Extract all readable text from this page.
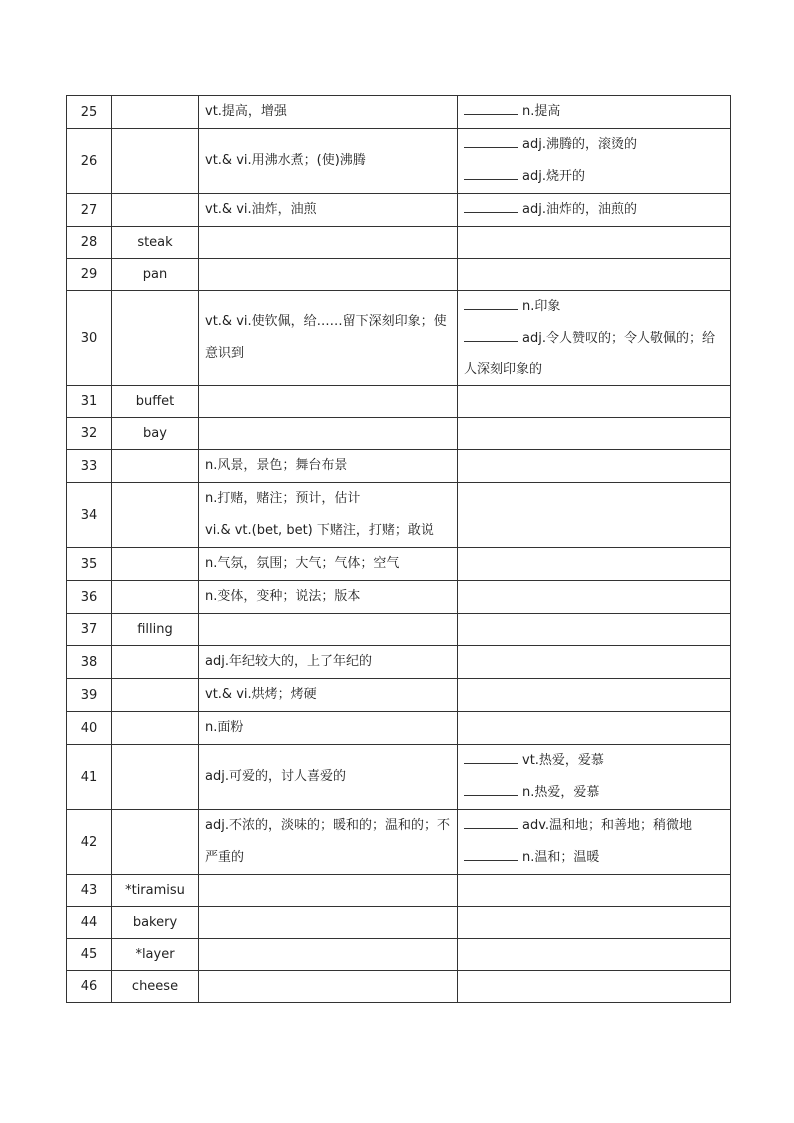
25		vt.提高，增强	n.提高

26		vt.& vi.用沸水煮；(使)沸腾	adj.沸腾的，滚烫的
adj.烧开的

27		vt.& vi.油炸，油煎	adj.油炸的，油煎的

28	steak	

29	pan	

30		vt.& vi.使钦佩，给……留下深刻印象；使意识到	n.印象
adj.令人赞叹的；令人敬佩的；给人深刻印象的

31	buffet	

32	bay	

33		n.风景，景色；舞台布景	

34		n.打赌，赌注；预计，估计
vi.& vt.(bet, bet) 下赌注，打赌；敢说	

35		n.气氛，氛围；大气；气体；空气	

36		n.变体，变种；说法；版本	

37	filling	

38		adj.年纪较大的，上了年纪的	

39		vt.& vi.烘烤；烤硬	

40		n.面粉	

41		adj.可爱的，讨人喜爱的	vt.热爱，爱慕
n.热爱，爱慕

42		adj.不浓的，淡味的；暖和的；温和的；不严重的	adv.温和地；和善地；稍微地
n.温和；温暖

43	*tiramisu	

44	bakery	

45	*layer	

46	cheese	
